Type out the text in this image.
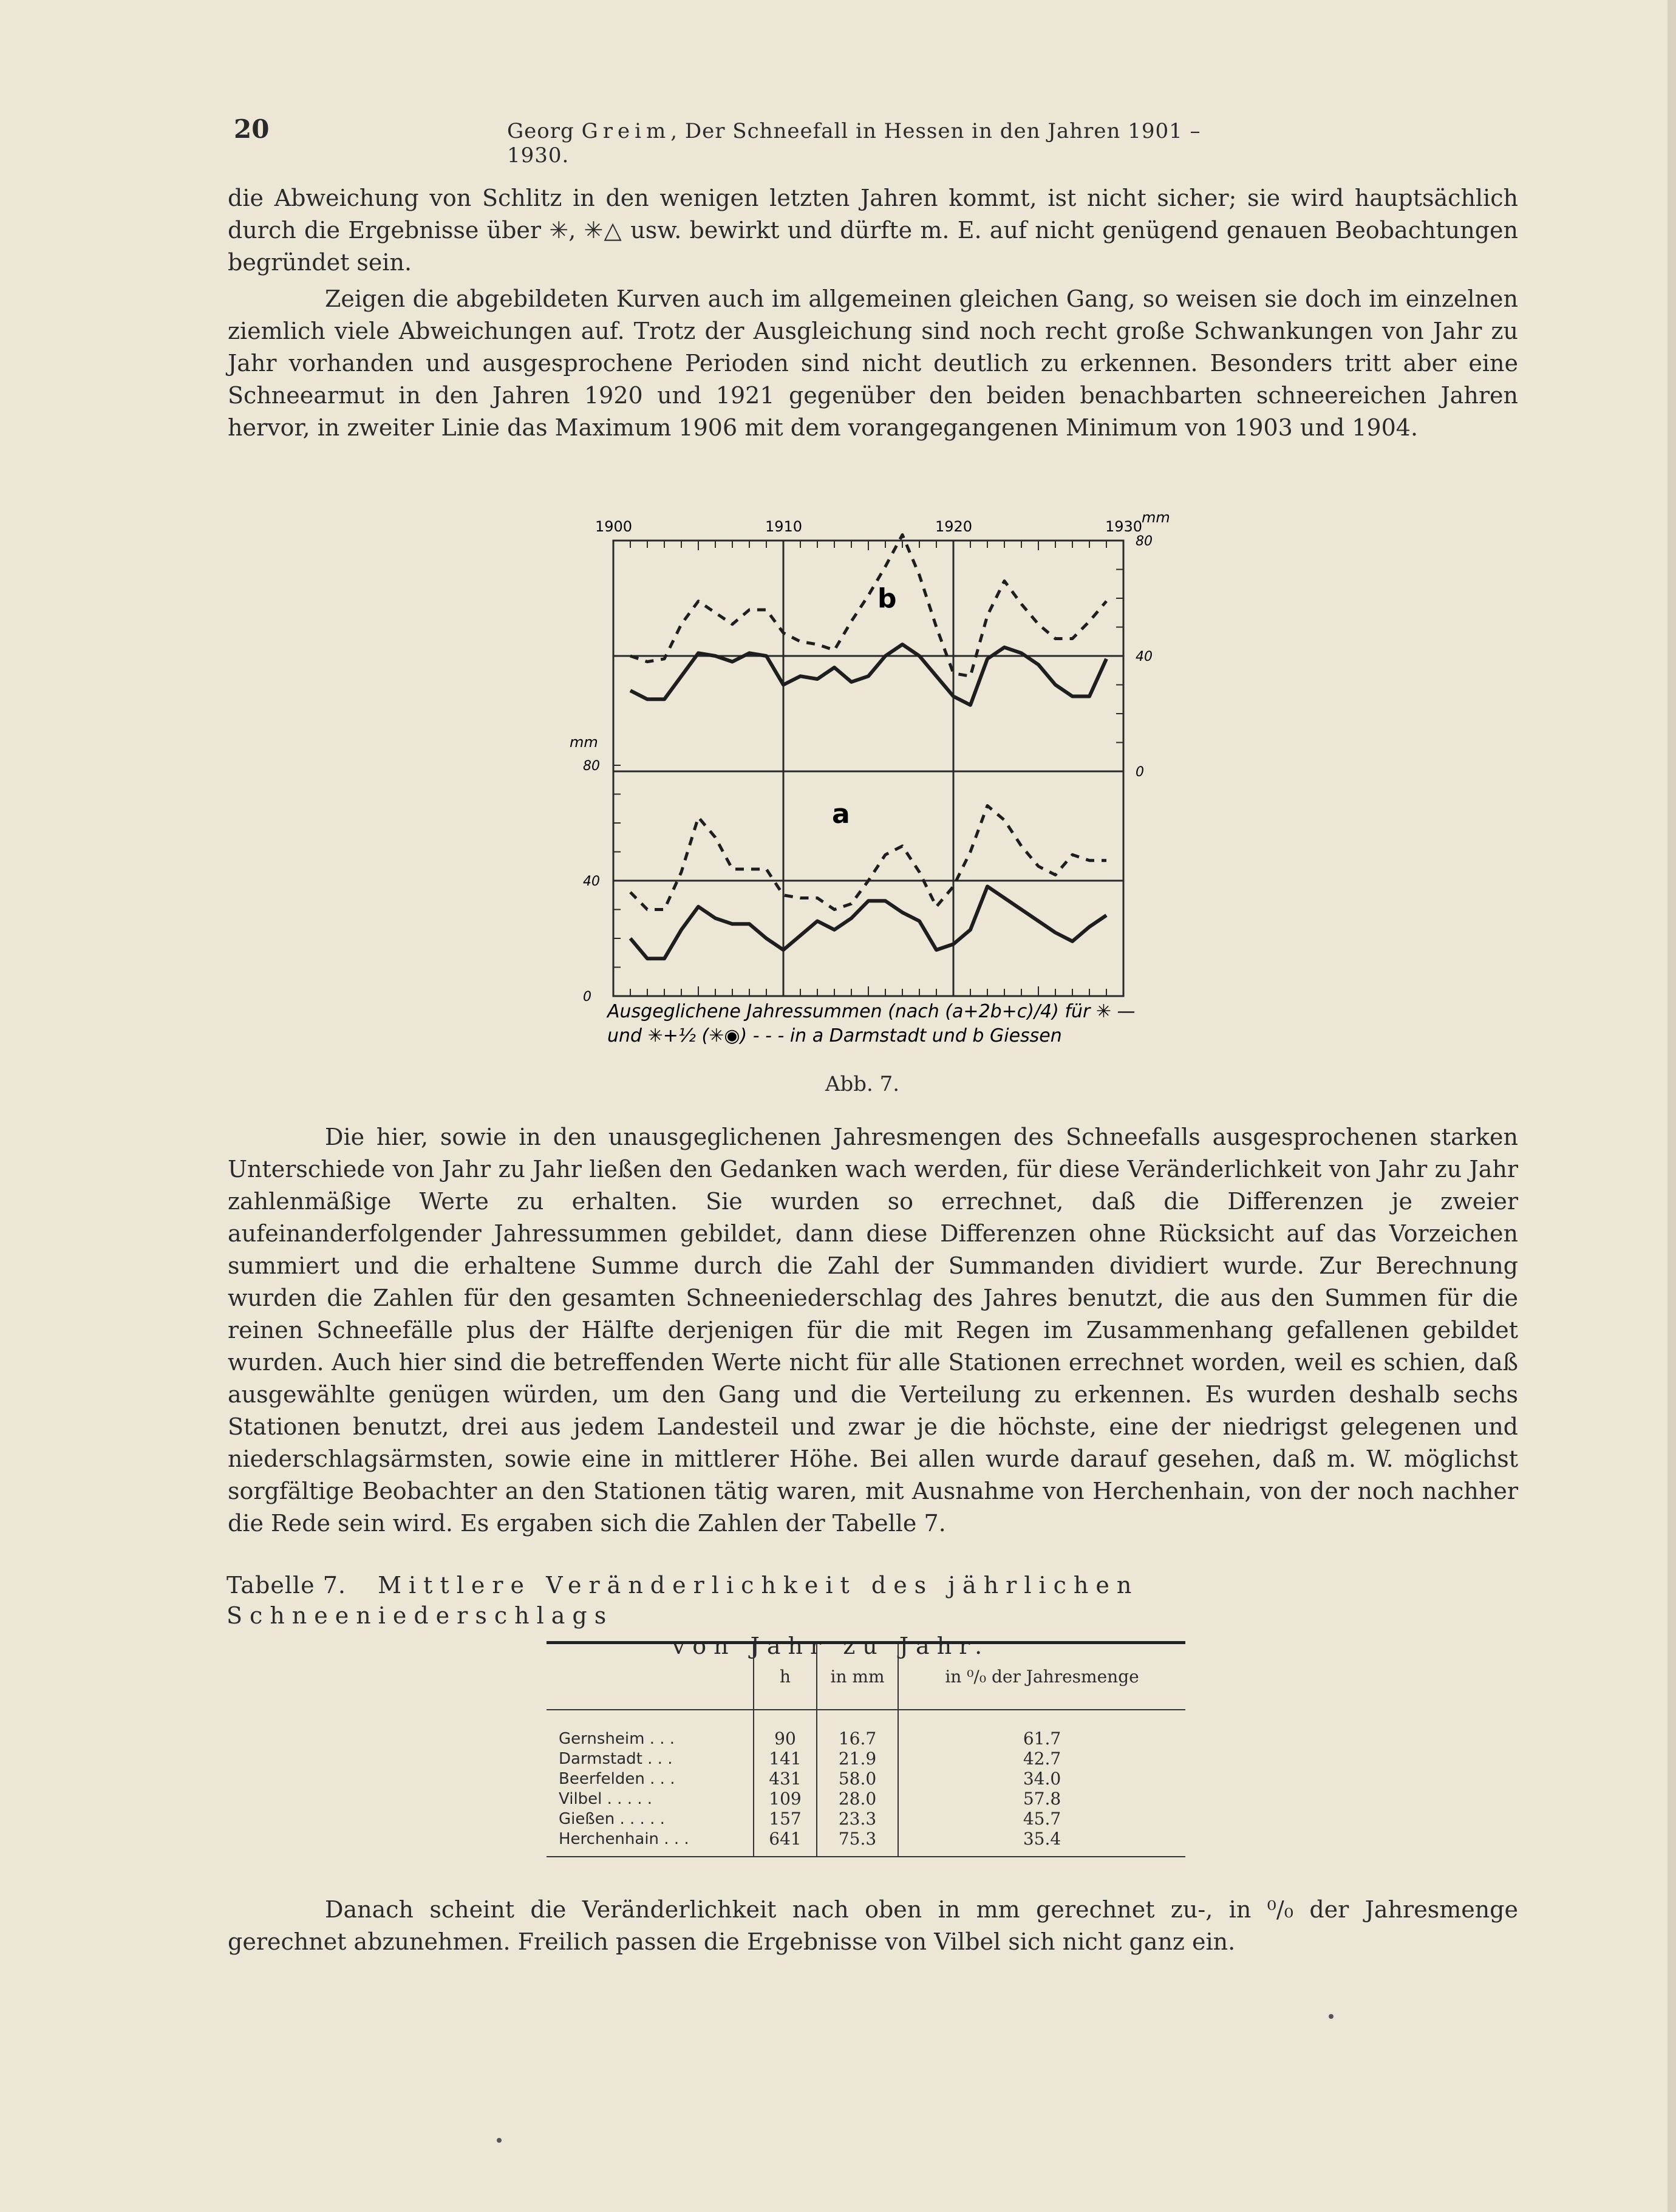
20	Georg Greim, Der Schneefall in Hessen in den Jahren 1901 – 1930.

die Abweichung von Schlitz in den wenigen letzten Jahren kommt, ist nicht sicher; sie wird hauptsächlich durch die Ergebnisse über ✳, ✳△ usw. bewirkt und dürfte m. E. auf nicht genügend genauen Beobachtungen begründet sein.

Zeigen die abgebildeten Kurven auch im allgemeinen gleichen Gang, so weisen sie doch im einzelnen ziemlich viele Abweichungen auf. Trotz der Ausgleichung sind noch recht große Schwankungen von Jahr zu Jahr vorhanden und ausgesprochene Perioden sind nicht deutlich zu erkennen. Besonders tritt aber eine Schneearmut in den Jahren 1920 und 1921 gegenüber den beiden benachbarten schneereichen Jahren hervor, in zweiter Linie das Maximum 1906 mit dem vorangegangenen Minimum von 1903 und 1904.

1900	1910	1920	1930
80
40
0
80
40
0
b
a
mm
mm
Ausgeglichene Jahressummen (nach (a+2b+c)/4) für ✳ —
und ✳+½ (✳◉) - - - in a Darmstadt und b Giessen
Abb. 7.

Die hier, sowie in den unausgeglichenen Jahresmengen des Schneefalls ausgesprochenen starken Unterschiede von Jahr zu Jahr ließen den Gedanken wach werden, für diese Veränderlichkeit von Jahr zu Jahr zahlenmäßige Werte zu erhalten. Sie wurden so errechnet, daß die Differenzen je zweier aufeinanderfolgender Jahressummen gebildet, dann diese Differenzen ohne Rücksicht auf das Vorzeichen summiert und die erhaltene Summe durch die Zahl der Summanden dividiert wurde. Zur Berechnung wurden die Zahlen für den gesamten Schneeniederschlag des Jahres benutzt, die aus den Summen für die reinen Schneefälle plus der Hälfte derjenigen für die mit Regen im Zusammenhang gefallenen gebildet wurden. Auch hier sind die betreffenden Werte nicht für alle Stationen errechnet worden, weil es schien, daß ausgewählte genügen würden, um den Gang und die Verteilung zu erkennen. Es wurden deshalb sechs Stationen benutzt, drei aus jedem Landesteil und zwar je die höchste, eine der niedrigst gelegenen und niederschlagsärmsten, sowie eine in mittlerer Höhe. Bei allen wurde darauf gesehen, daß m. W. möglichst sorgfältige Beobachter an den Stationen tätig waren, mit Ausnahme von Herchenhain, von der noch nachher die Rede sein wird. Es ergaben sich die Zahlen der Tabelle 7.

Tabelle 7. Mittlere Veränderlichkeit des jährlichen Schneeniederschlags
von Jahr zu Jahr.
	h	in mm	in ⁰/₀ der Jahresmenge
Gernsheim . . .	90	16.7	61.7
Darmstadt . . .	141	21.9	42.7
Beerfelden . . .	431	58.0	34.0
Vilbel . . . . .	109	28.0	57.8
Gießen . . . . .	157	23.3	45.7
Herchenhain . . .	641	75.3	35.4

Danach scheint die Veränderlichkeit nach oben in mm gerechnet zu-, in ⁰/₀ der Jahresmenge gerechnet abzunehmen. Freilich passen die Ergebnisse von Vilbel sich nicht ganz ein.
